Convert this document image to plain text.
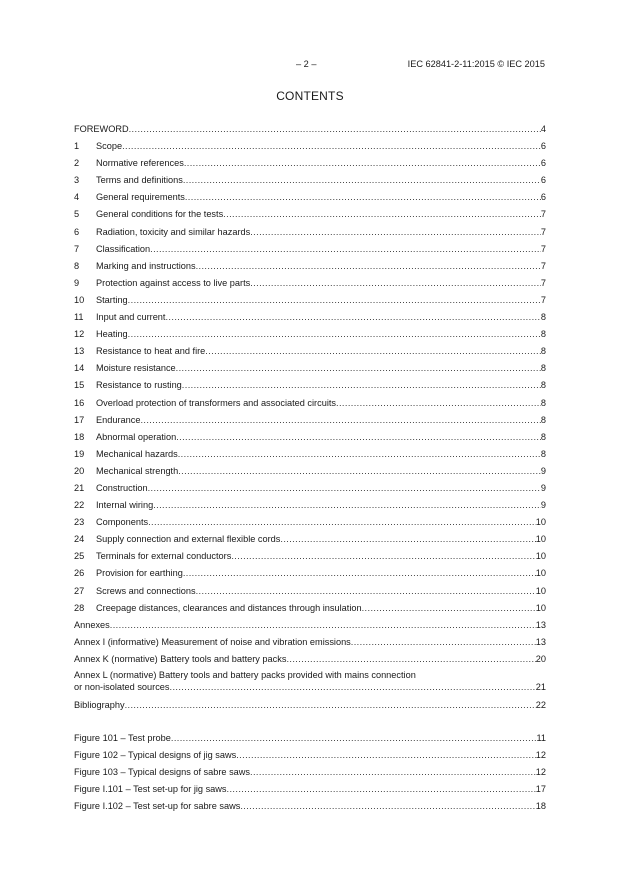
– 2 –	IEC 62841-2-11:2015 © IEC 2015
CONTENTS
FOREWORD .....	4
1	Scope .....	6
2	Normative references .....	6
3	Terms and definitions .....	6
4	General requirements .....	6
5	General conditions for the tests .....	7
6	Radiation, toxicity and similar hazards .....	7
7	Classification .....	7
8	Marking and instructions .....	7
9	Protection against access to live parts .....	7
10	Starting .....	7
11	Input and current .....	8
12	Heating .....	8
13	Resistance to heat and fire .....	8
14	Moisture resistance .....	8
15	Resistance to rusting .....	8
16	Overload protection of transformers and associated circuits .....	8
17	Endurance .....	8
18	Abnormal operation .....	8
19	Mechanical hazards .....	8
20	Mechanical strength .....	9
21	Construction .....	9
22	Internal wiring .....	9
23	Components .....	10
24	Supply connection and external flexible cords .....	10
25	Terminals for external conductors .....	10
26	Provision for earthing .....	10
27	Screws and connections .....	10
28	Creepage distances, clearances and distances through insulation .....	10
Annexes .....	13
Annex I (informative) Measurement of noise and vibration emissions .....	13
Annex K (normative) Battery tools and battery packs .....	20
Annex L (normative) Battery tools and battery packs provided with mains connection
or non-isolated sources .....	21
Bibliography .....	22
Figure 101 – Test probe .....	11
Figure 102 – Typical designs of jig saws .....	12
Figure 103 – Typical designs of sabre saws .....	12
Figure I.101 – Test set-up for jig saws .....	17
Figure I.102 – Test set-up for sabre saws .....	18
